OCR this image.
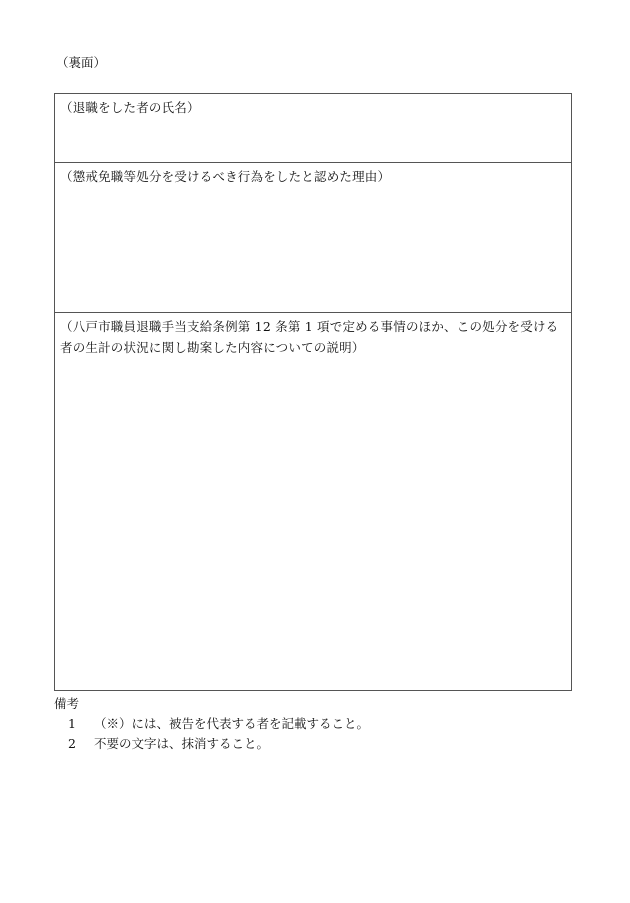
（裏面）
（退職をした者の氏名）
（懲戒免職等処分を受けるべき行為をしたと認めた理由）
（八戸市職員退職手当支給条例第 12 条第 1 項で定める事情のほか、この処分を受ける者の生計の状況に関し勘案した内容についての説明）
備考
1	（※）には、被告を代表する者を記載すること。
2	不要の文字は、抹消すること。
